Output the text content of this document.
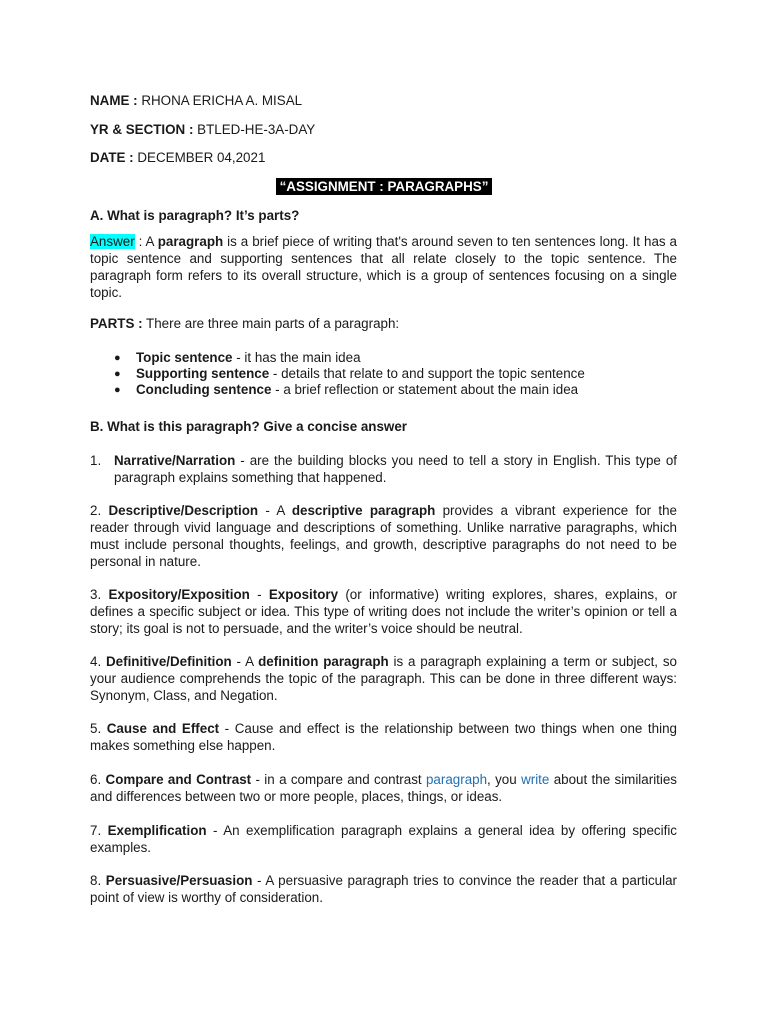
NAME : RHONA ERICHA A. MISAL

YR & SECTION : BTLED-HE-3A-DAY

DATE : DECEMBER 04,2021

“ASSIGNMENT : PARAGRAPHS”

A. What is paragraph? It’s parts?

Answer : A paragraph is a brief piece of writing that's around seven to ten sentences long. It has a topic sentence and supporting sentences that all relate closely to the topic sentence. The paragraph form refers to its overall structure, which is a group of sentences focusing on a single topic.

PARTS : There are three main parts of a paragraph:

● Topic sentence - it has the main idea
● Supporting sentence - details that relate to and support the topic sentence
● Concluding sentence - a brief reflection or statement about the main idea

B. What is this paragraph? Give a concise answer

1. Narrative/Narration - are the building blocks you need to tell a story in English. This type of paragraph explains something that happened.

2. Descriptive/Description - A descriptive paragraph provides a vibrant experience for the reader through vivid language and descriptions of something. Unlike narrative paragraphs, which must include personal thoughts, feelings, and growth, descriptive paragraphs do not need to be personal in nature.

3. Expository/Exposition - Expository (or informative) writing explores, shares, explains, or defines a specific subject or idea. This type of writing does not include the writer’s opinion or tell a story; its goal is not to persuade, and the writer’s voice should be neutral.

4. Definitive/Definition - A definition paragraph is a paragraph explaining a term or subject, so your audience comprehends the topic of the paragraph. This can be done in three different ways: Synonym, Class, and Negation.

5. Cause and Effect - Cause and effect is the relationship between two things when one thing makes something else happen.

6. Compare and Contrast - in a compare and contrast paragraph, you write about the similarities and differences between two or more people, places, things, or ideas.

7. Exemplification - An exemplification paragraph explains a general idea by offering specific examples.

8. Persuasive/Persuasion - A persuasive paragraph tries to convince the reader that a particular point of view is worthy of consideration.
